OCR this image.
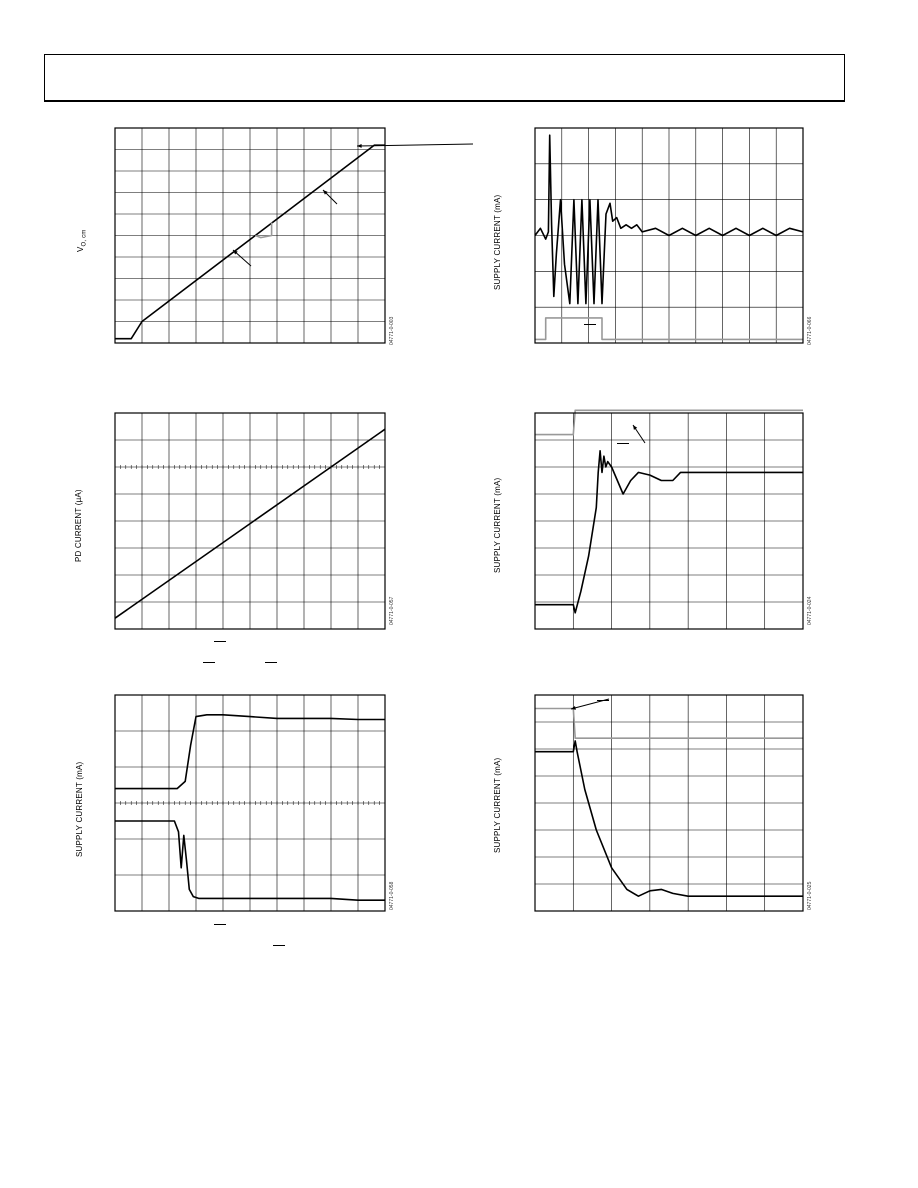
$V_{O, cm}$
04771-0-003
SUPPLY CURRENT (mA)
04771-0-066
PD CURRENT (µA)
04771-0-057
SUPPLY CURRENT (mA)
04771-0-024
SUPPLY CURRENT (mA)
04771-0-058
SUPPLY CURRENT (mA)
04771-0-025
